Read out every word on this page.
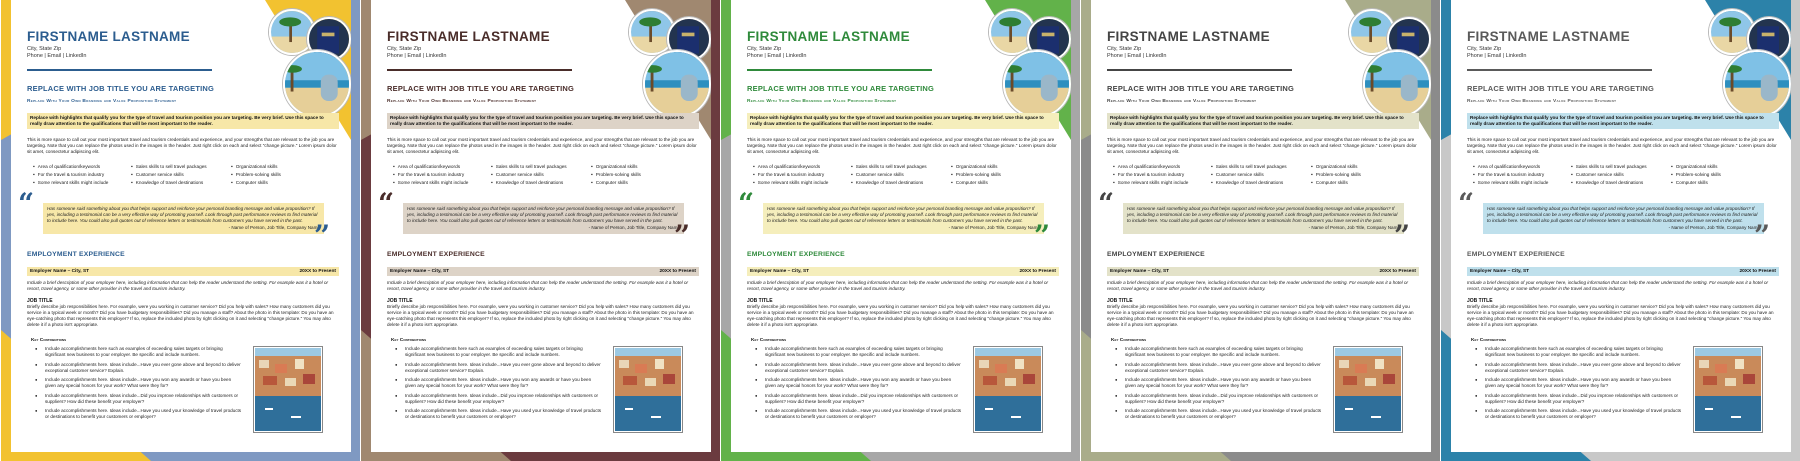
FIRSTNAME LASTNAME
City, State Zip
Phone | Email | LinkedIn
REPLACE WITH JOB TITLE YOU ARE TARGETING
Replace With Your Own Branding and Value Proposition Statement
Replace with highlights that qualify you for the type of travel and tourism position you are targeting. Be very brief. Use this space to really draw attention to the qualifications that will be most important to the reader.
This is more space to call out your most important travel and tourism credentials and experience, and your strengths that are relevant to the job you are targeting. Note that you can replace the photos used in the images in the header. Just right click on each and select "change picture." Lorem ipsum dolor sit amet, consectetur adipiscing elit.
▪ Area of qualification/keywords
▪ For the travel & tourism industry
▪ Some relevant skills might include
▪ Sales skills to sell travel packages
▪ Customer service skills
▪ Knowledge of travel destinations
▪ Organizational skills
▪ Problem-solving skills
▪ Computer skills
“	Has someone said something about you that helps support and reinforce your personal branding message and value proposition? If yes, including a testimonial can be a very effective way of promoting yourself. Look through past performance reviews to find material to include here. You could also pull quotes out of reference letters or testimonials from customers you have served in the past.
- Name of Person, Job Title, Company Name
”
EMPLOYMENT EXPERIENCE
Employer Name – City, ST	20XX to Present
Include a brief description of your employer here, including information that can help the reader understand the setting. For example was it a hotel or resort, travel agency, or some other provider in the travel and tourism industry.
JOB TITLE
Briefly describe job responsibilities here. For example, were you working in customer service? Did you help with sales? How many customers did you service in a typical week or month? Did you have budgetary responsibilities? Did you manage a staff? About the photo in this template: Do you have an eye-catching photo that represents this employer? If so, replace the included photo by right clicking on it and selecting "change picture." You may also delete it if a photo isn't appropriate.
Key Contributions
● Include accomplishments here such as examples of exceeding sales targets or bringing significant new business to your employer. Be specific and include numbers.
● Include accomplishments here. Ideas include...Have you ever gone above and beyond to deliver exceptional customer service? Explain.
● Include accomplishments here. Ideas include...Have you won any awards or have you been given any special honors for your work? What were they for?
● Include accomplishments here. Ideas include...Did you improve relationships with customers or suppliers? How did these benefit your employer?
● Include accomplishments here. Ideas include...Have you used your knowledge of travel products or destinations to benefit your customers or employer?
FIRSTNAME LASTNAME
City, State Zip
Phone | Email | LinkedIn
REPLACE WITH JOB TITLE YOU ARE TARGETING
Replace With Your Own Branding and Value Proposition Statement
Replace with highlights that qualify you for the type of travel and tourism position you are targeting. Be very brief. Use this space to really draw attention to the qualifications that will be most important to the reader.
This is more space to call out your most important travel and tourism credentials and experience, and your strengths that are relevant to the job you are targeting. Note that you can replace the photos used in the images in the header. Just right click on each and select "change picture." Lorem ipsum dolor sit amet, consectetur adipiscing elit.
▪ Area of qualification/keywords
▪ For the travel & tourism industry
▪ Some relevant skills might include
▪ Sales skills to sell travel packages
▪ Customer service skills
▪ Knowledge of travel destinations
▪ Organizational skills
▪ Problem-solving skills
▪ Computer skills
“	Has someone said something about you that helps support and reinforce your personal branding message and value proposition? If yes, including a testimonial can be a very effective way of promoting yourself. Look through past performance reviews to find material to include here. You could also pull quotes out of reference letters or testimonials from customers you have served in the past.
- Name of Person, Job Title, Company Name
”
EMPLOYMENT EXPERIENCE
Employer Name – City, ST	20XX to Present
Include a brief description of your employer here, including information that can help the reader understand the setting. For example was it a hotel or resort, travel agency, or some other provider in the travel and tourism industry.
JOB TITLE
Briefly describe job responsibilities here. For example, were you working in customer service? Did you help with sales? How many customers did you service in a typical week or month? Did you have budgetary responsibilities? Did you manage a staff? About the photo in this template: Do you have an eye-catching photo that represents this employer? If so, replace the included photo by right clicking on it and selecting "change picture." You may also delete it if a photo isn't appropriate.
Key Contributions
● Include accomplishments here such as examples of exceeding sales targets or bringing significant new business to your employer. Be specific and include numbers.
● Include accomplishments here. Ideas include...Have you ever gone above and beyond to deliver exceptional customer service? Explain.
● Include accomplishments here. Ideas include...Have you won any awards or have you been given any special honors for your work? What were they for?
● Include accomplishments here. Ideas include...Did you improve relationships with customers or suppliers? How did these benefit your employer?
● Include accomplishments here. Ideas include...Have you used your knowledge of travel products or destinations to benefit your customers or employer?
FIRSTNAME LASTNAME
City, State Zip
Phone | Email | LinkedIn
REPLACE WITH JOB TITLE YOU ARE TARGETING
Replace With Your Own Branding and Value Proposition Statement
Replace with highlights that qualify you for the type of travel and tourism position you are targeting. Be very brief. Use this space to really draw attention to the qualifications that will be most important to the reader.
This is more space to call out your most important travel and tourism credentials and experience, and your strengths that are relevant to the job you are targeting. Note that you can replace the photos used in the images in the header. Just right click on each and select "change picture." Lorem ipsum dolor sit amet, consectetur adipiscing elit.
▪ Area of qualification/keywords
▪ For the travel & tourism industry
▪ Some relevant skills might include
▪ Sales skills to sell travel packages
▪ Customer service skills
▪ Knowledge of travel destinations
▪ Organizational skills
▪ Problem-solving skills
▪ Computer skills
“	Has someone said something about you that helps support and reinforce your personal branding message and value proposition? If yes, including a testimonial can be a very effective way of promoting yourself. Look through past performance reviews to find material to include here. You could also pull quotes out of reference letters or testimonials from customers you have served in the past.
- Name of Person, Job Title, Company Name
”
EMPLOYMENT EXPERIENCE
Employer Name – City, ST	20XX to Present
Include a brief description of your employer here, including information that can help the reader understand the setting. For example was it a hotel or resort, travel agency, or some other provider in the travel and tourism industry.
JOB TITLE
Briefly describe job responsibilities here. For example, were you working in customer service? Did you help with sales? How many customers did you service in a typical week or month? Did you have budgetary responsibilities? Did you manage a staff? About the photo in this template: Do you have an eye-catching photo that represents this employer? If so, replace the included photo by right clicking on it and selecting "change picture." You may also delete it if a photo isn't appropriate.
Key Contributions
● Include accomplishments here such as examples of exceeding sales targets or bringing significant new business to your employer. Be specific and include numbers.
● Include accomplishments here. Ideas include...Have you ever gone above and beyond to deliver exceptional customer service? Explain.
● Include accomplishments here. Ideas include...Have you won any awards or have you been given any special honors for your work? What were they for?
● Include accomplishments here. Ideas include...Did you improve relationships with customers or suppliers? How did these benefit your employer?
● Include accomplishments here. Ideas include...Have you used your knowledge of travel products or destinations to benefit your customers or employer?
FIRSTNAME LASTNAME
City, State Zip
Phone | Email | LinkedIn
REPLACE WITH JOB TITLE YOU ARE TARGETING
Replace With Your Own Branding and Value Proposition Statement
Replace with highlights that qualify you for the type of travel and tourism position you are targeting. Be very brief. Use this space to really draw attention to the qualifications that will be most important to the reader.
This is more space to call out your most important travel and tourism credentials and experience, and your strengths that are relevant to the job you are targeting. Note that you can replace the photos used in the images in the header. Just right click on each and select "change picture." Lorem ipsum dolor sit amet, consectetur adipiscing elit.
▪ Area of qualification/keywords
▪ For the travel & tourism industry
▪ Some relevant skills might include
▪ Sales skills to sell travel packages
▪ Customer service skills
▪ Knowledge of travel destinations
▪ Organizational skills
▪ Problem-solving skills
▪ Computer skills
“	Has someone said something about you that helps support and reinforce your personal branding message and value proposition? If yes, including a testimonial can be a very effective way of promoting yourself. Look through past performance reviews to find material to include here. You could also pull quotes out of reference letters or testimonials from customers you have served in the past.
- Name of Person, Job Title, Company Name
”
EMPLOYMENT EXPERIENCE
Employer Name – City, ST	20XX to Present
Include a brief description of your employer here, including information that can help the reader understand the setting. For example was it a hotel or resort, travel agency, or some other provider in the travel and tourism industry.
JOB TITLE
Briefly describe job responsibilities here. For example, were you working in customer service? Did you help with sales? How many customers did you service in a typical week or month? Did you have budgetary responsibilities? Did you manage a staff? About the photo in this template: Do you have an eye-catching photo that represents this employer? If so, replace the included photo by right clicking on it and selecting "change picture." You may also delete it if a photo isn't appropriate.
Key Contributions
● Include accomplishments here such as examples of exceeding sales targets or bringing significant new business to your employer. Be specific and include numbers.
● Include accomplishments here. Ideas include...Have you ever gone above and beyond to deliver exceptional customer service? Explain.
● Include accomplishments here. Ideas include...Have you won any awards or have you been given any special honors for your work? What were they for?
● Include accomplishments here. Ideas include...Did you improve relationships with customers or suppliers? How did these benefit your employer?
● Include accomplishments here. Ideas include...Have you used your knowledge of travel products or destinations to benefit your customers or employer?
FIRSTNAME LASTNAME
City, State Zip
Phone | Email | LinkedIn
REPLACE WITH JOB TITLE YOU ARE TARGETING
Replace With Your Own Branding and Value Proposition Statement
Replace with highlights that qualify you for the type of travel and tourism position you are targeting. Be very brief. Use this space to really draw attention to the qualifications that will be most important to the reader.
This is more space to call out your most important travel and tourism credentials and experience, and your strengths that are relevant to the job you are targeting. Note that you can replace the photos used in the images in the header. Just right click on each and select "change picture." Lorem ipsum dolor sit amet, consectetur adipiscing elit.
▪ Area of qualification/keywords
▪ For the travel & tourism industry
▪ Some relevant skills might include
▪ Sales skills to sell travel packages
▪ Customer service skills
▪ Knowledge of travel destinations
▪ Organizational skills
▪ Problem-solving skills
▪ Computer skills
“	Has someone said something about you that helps support and reinforce your personal branding message and value proposition? If yes, including a testimonial can be a very effective way of promoting yourself. Look through past performance reviews to find material to include here. You could also pull quotes out of reference letters or testimonials from customers you have served in the past.
- Name of Person, Job Title, Company Name
”
EMPLOYMENT EXPERIENCE
Employer Name – City, ST	20XX to Present
Include a brief description of your employer here, including information that can help the reader understand the setting. For example was it a hotel or resort, travel agency, or some other provider in the travel and tourism industry.
JOB TITLE
Briefly describe job responsibilities here. For example, were you working in customer service? Did you help with sales? How many customers did you service in a typical week or month? Did you have budgetary responsibilities? Did you manage a staff? About the photo in this template: Do you have an eye-catching photo that represents this employer? If so, replace the included photo by right clicking on it and selecting "change picture." You may also delete it if a photo isn't appropriate.
Key Contributions
● Include accomplishments here such as examples of exceeding sales targets or bringing significant new business to your employer. Be specific and include numbers.
● Include accomplishments here. Ideas include...Have you ever gone above and beyond to deliver exceptional customer service? Explain.
● Include accomplishments here. Ideas include...Have you won any awards or have you been given any special honors for your work? What were they for?
● Include accomplishments here. Ideas include...Did you improve relationships with customers or suppliers? How did these benefit your employer?
● Include accomplishments here. Ideas include...Have you used your knowledge of travel products or destinations to benefit your customers or employer?
